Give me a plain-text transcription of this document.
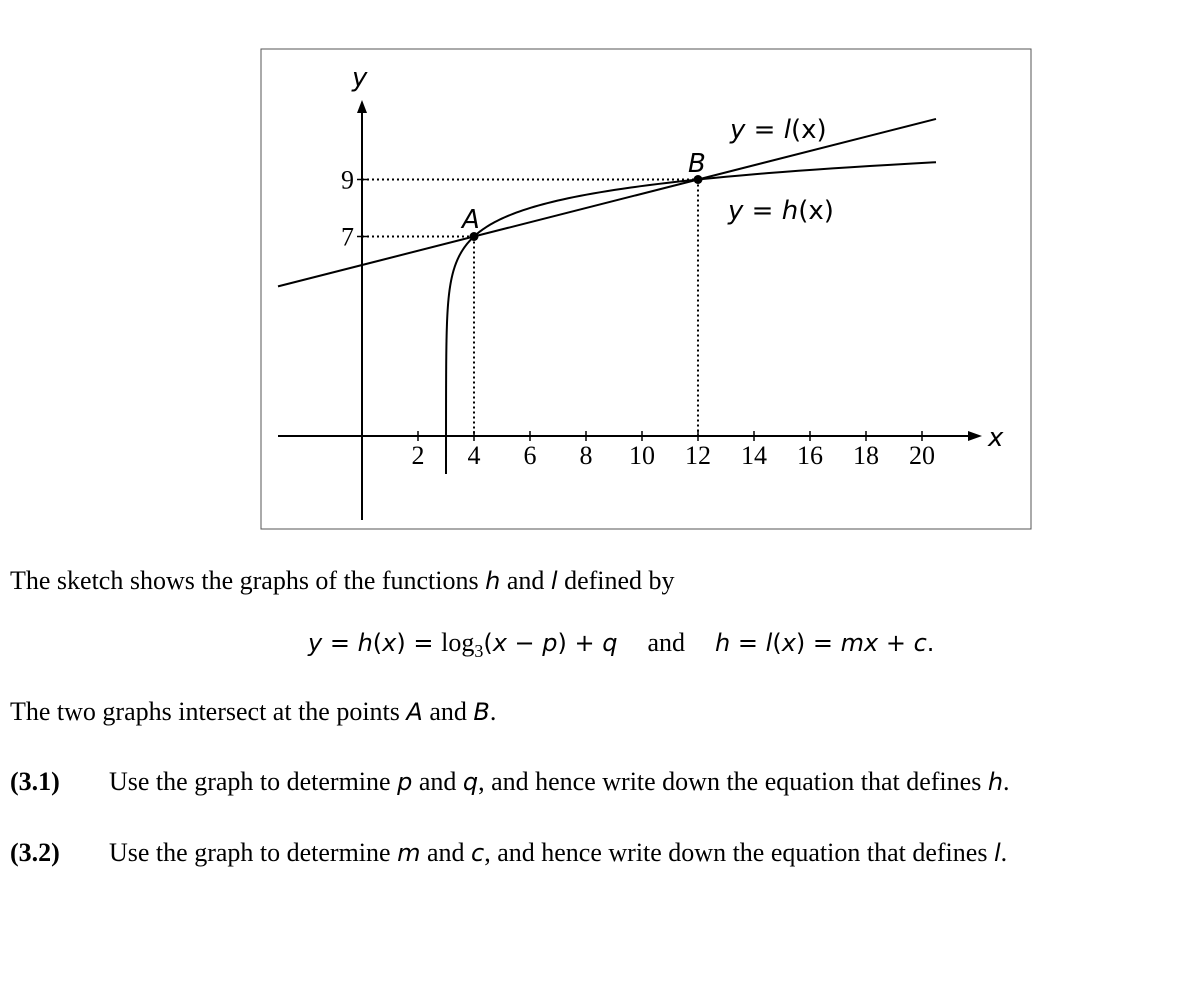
2 4 6 8 10 12 14 16 18 20
7
9
y
x
y = l(x)
y = h(x)
A
B
The sketch shows the graphs of the functions h and l defined by
$y = h(x) = \log_3(x - p) + q$ and h = l(x) = mx + c.
The two graphs intersect at the points A and B.
(3.1) Use the graph to determine p and q, and hence write down the equation that defines h.
(3.2) Use the graph to determine m and c, and hence write down the equation that defines l.
